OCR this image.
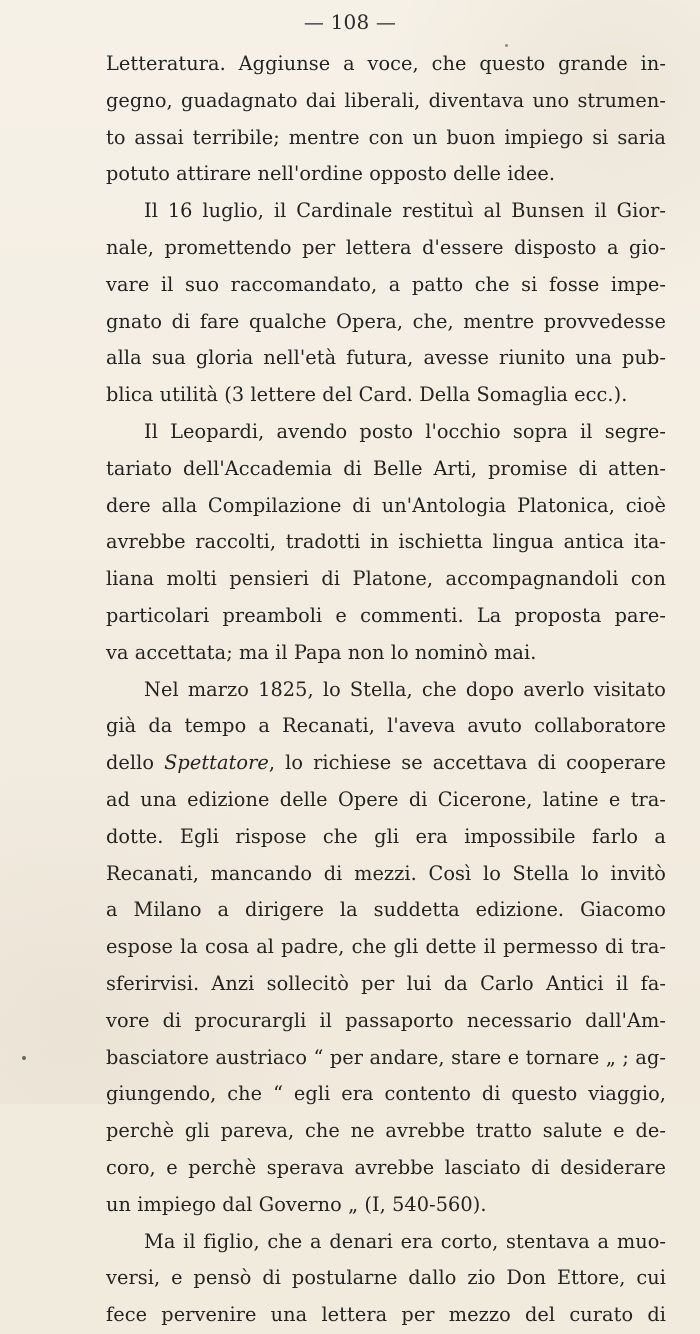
— 108 —
Letteratura. Aggiunse a voce, che questo grande in-
gegno, guadagnato dai liberali, diventava uno strumen-
to assai terribile; mentre con un buon impiego si saria
potuto attirare nell'ordine opposto delle idee.
Il 16 luglio, il Cardinale restituì al Bunsen il Gior-
nale, promettendo per lettera d'essere disposto a gio-
vare il suo raccomandato, a patto che si fosse impe-
gnato di fare qualche Opera, che, mentre provvedesse
alla sua gloria nell'età futura, avesse riunito una pub-
blica utilità (3 lettere del Card. Della Somaglia ecc.).
Il Leopardi, avendo posto l'occhio sopra il segre-
tariato dell'Accademia di Belle Arti, promise di atten-
dere alla Compilazione di un'Antologia Platonica, cioè
avrebbe raccolti, tradotti in ischietta lingua antica ita-
liana molti pensieri di Platone, accompagnandoli con
particolari preamboli e commenti. La proposta pare-
va accettata; ma il Papa non lo nominò mai.
Nel marzo 1825, lo Stella, che dopo averlo visitato
già da tempo a Recanati, l'aveva avuto collaboratore
dello Spettatore, lo richiese se accettava di cooperare
ad una edizione delle Opere di Cicerone, latine e tra-
dotte. Egli rispose che gli era impossibile farlo a
Recanati, mancando di mezzi. Così lo Stella lo invitò
a Milano a dirigere la suddetta edizione. Giacomo
espose la cosa al padre, che gli dette il permesso di tra-
sferirvisi. Anzi sollecitò per lui da Carlo Antici il fa-
vore di procurargli il passaporto necessario dall'Am-
basciatore austriaco “ per andare, stare e tornare „ ; ag-
giungendo, che “ egli era contento di questo viaggio,
perchè gli pareva, che ne avrebbe tratto salute e de-
coro, e perchè sperava avrebbe lasciato di desiderare
un impiego dal Governo „ (I, 540-560).
Ma il figlio, che a denari era corto, stentava a muo-
versi, e pensò di postularne dallo zio Don Ettore, cui
fece pervenire una lettera per mezzo del curato di
